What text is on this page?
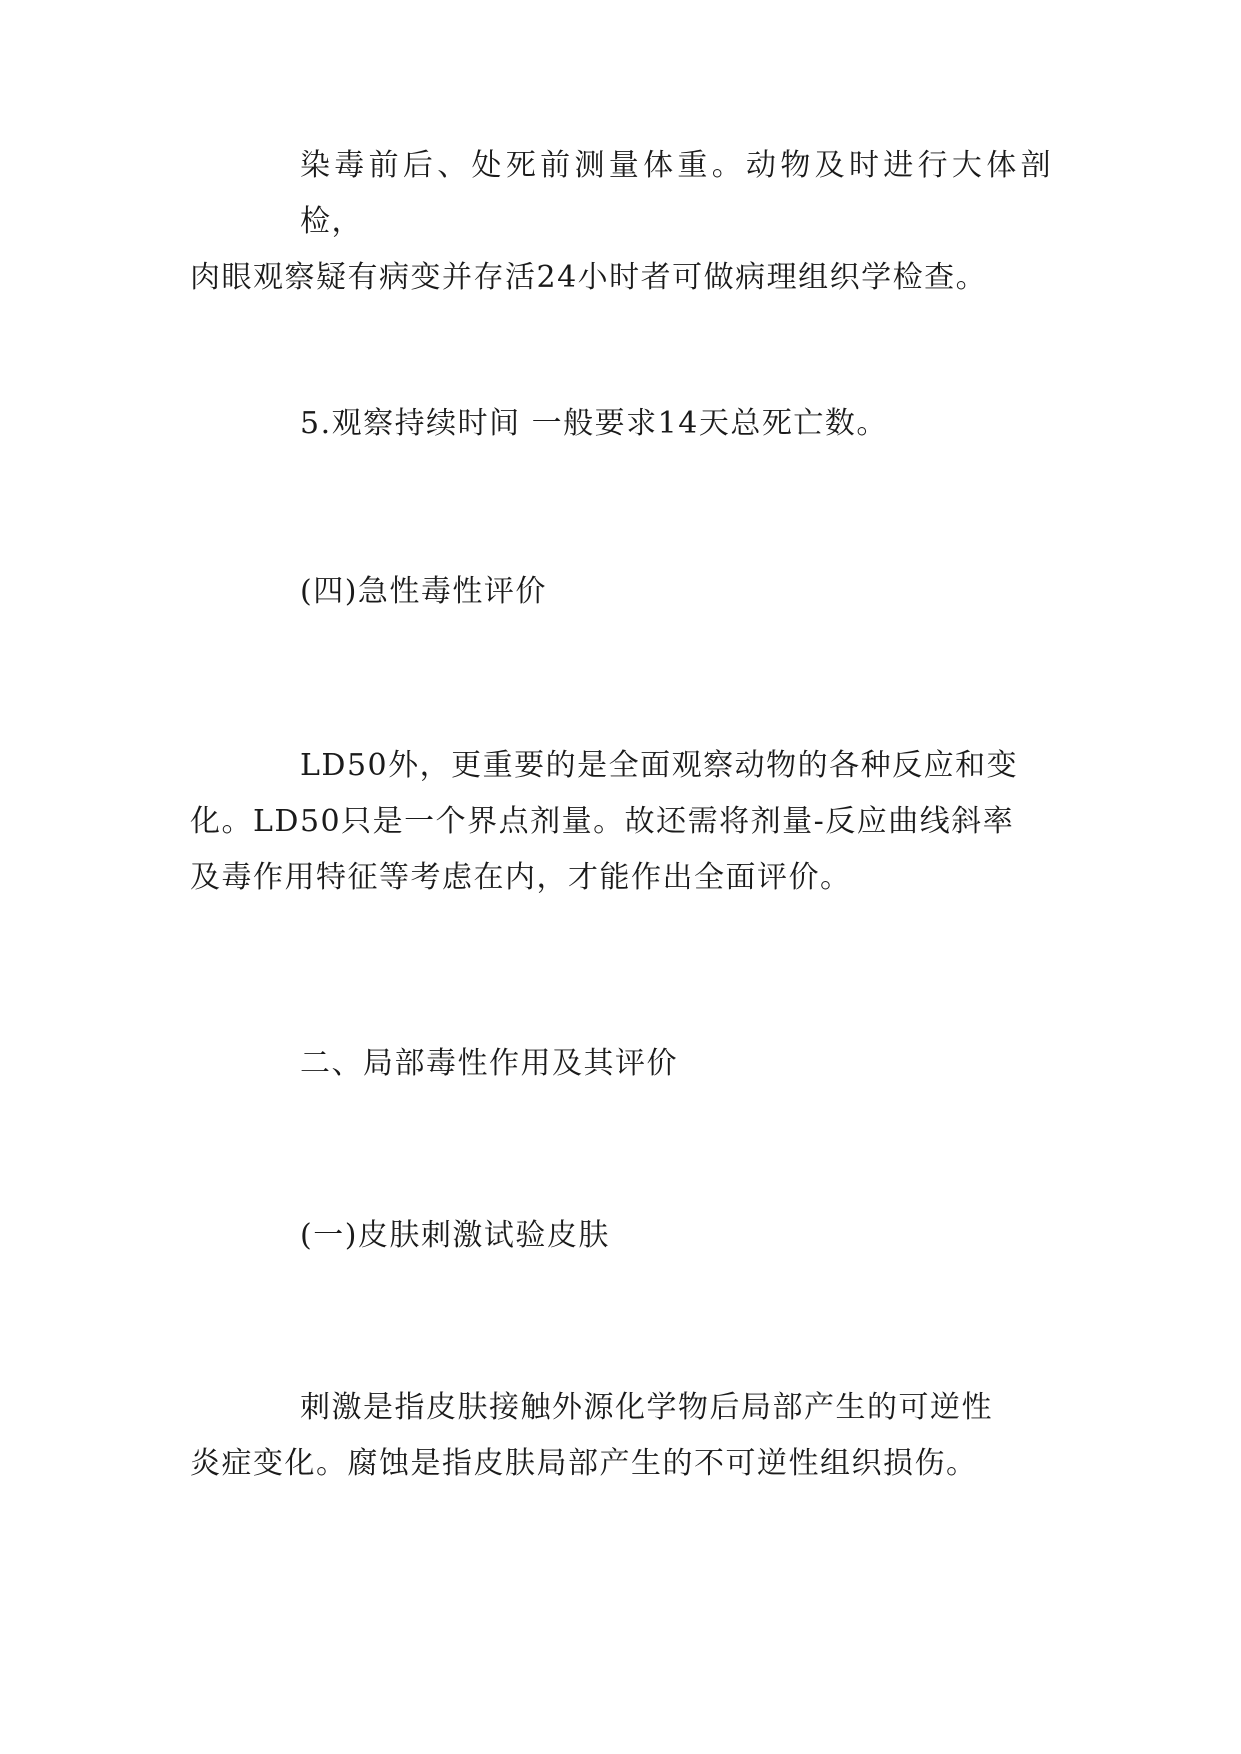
染毒前后、处死前测量体重。动物及时进行大体剖检，
肉眼观察疑有病变并存活24小时者可做病理组织学检查。

5.观察持续时间 一般要求14天总死亡数。

(四)急性毒性评价

LD50外，更重要的是全面观察动物的各种反应和变
化。LD50只是一个界点剂量。故还需将剂量-反应曲线斜率
及毒作用特征等考虑在内，才能作出全面评价。

二、局部毒性作用及其评价

(一)皮肤刺激试验皮肤

刺激是指皮肤接触外源化学物后局部产生的可逆性
炎症变化。腐蚀是指皮肤局部产生的不可逆性组织损伤。
